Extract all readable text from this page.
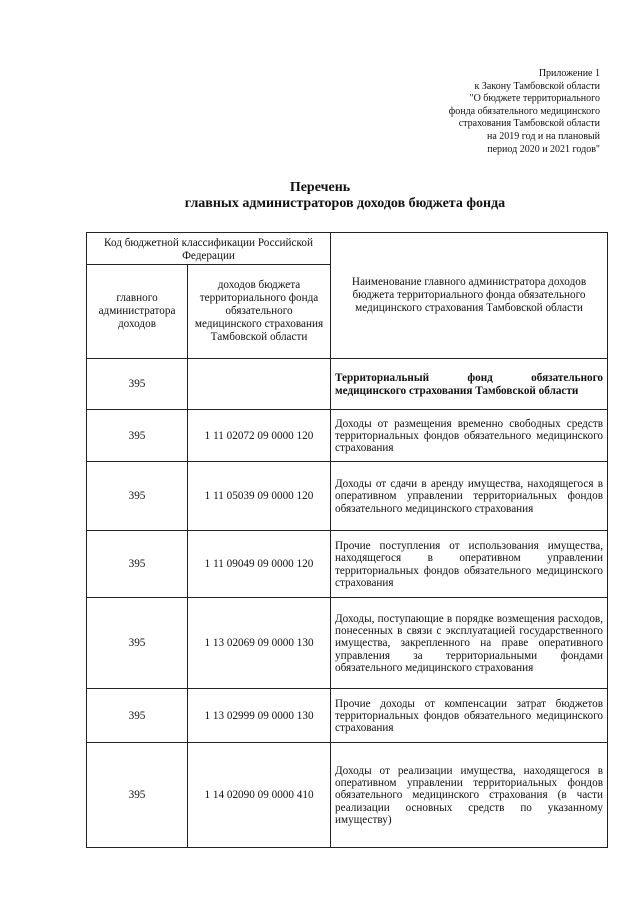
Приложение 1
к Закону Тамбовской области
"О бюджете территориального
фонда обязательного медицинского
страхования Тамбовской области
на 2019 год и на плановый
период 2020 и 2021 годов"
Перечень
главных администраторов доходов бюджета фонда
Код бюджетной классификации Российской Федерации		Наименование главного администратора доходов бюджета территориального фонда обязательного медицинского страхования Тамбовской области
главного администратора доходов	доходов бюджета территориального фонда обязательного медицинского страхования Тамбовской области	
395		Территориальный фонд обязательного медицинского страхования Тамбовской области
395	1 11 02072 09 0000 120	Доходы от размещения временно свободных средств территориальных фондов обязательного медицинского страхования
395	1 11 05039 09 0000 120	Доходы от сдачи в аренду имущества, находящегося в оперативном управлении территориальных фондов обязательного медицинского страхования
395	1 11 09049 09 0000 120	Прочие поступления от использования имущества, находящегося в оперативном управлении территориальных фондов обязательного медицинского страхования
395	1 13 02069 09 0000 130	Доходы, поступающие в порядке возмещения расходов, понесенных в связи с эксплуатацией государственного имущества, закрепленного на праве оперативного управления за территориальными фондами обязательного медицинского страхования
395	1 13 02999 09 0000 130	Прочие доходы от компенсации затрат бюджетов территориальных фондов обязательного медицинского страхования
395	1 14 02090 09 0000 410	Доходы от реализации имущества, находящегося в оперативном управлении территориальных фондов обязательного медицинского страхования (в части реализации основных средств по указанному имуществу)
